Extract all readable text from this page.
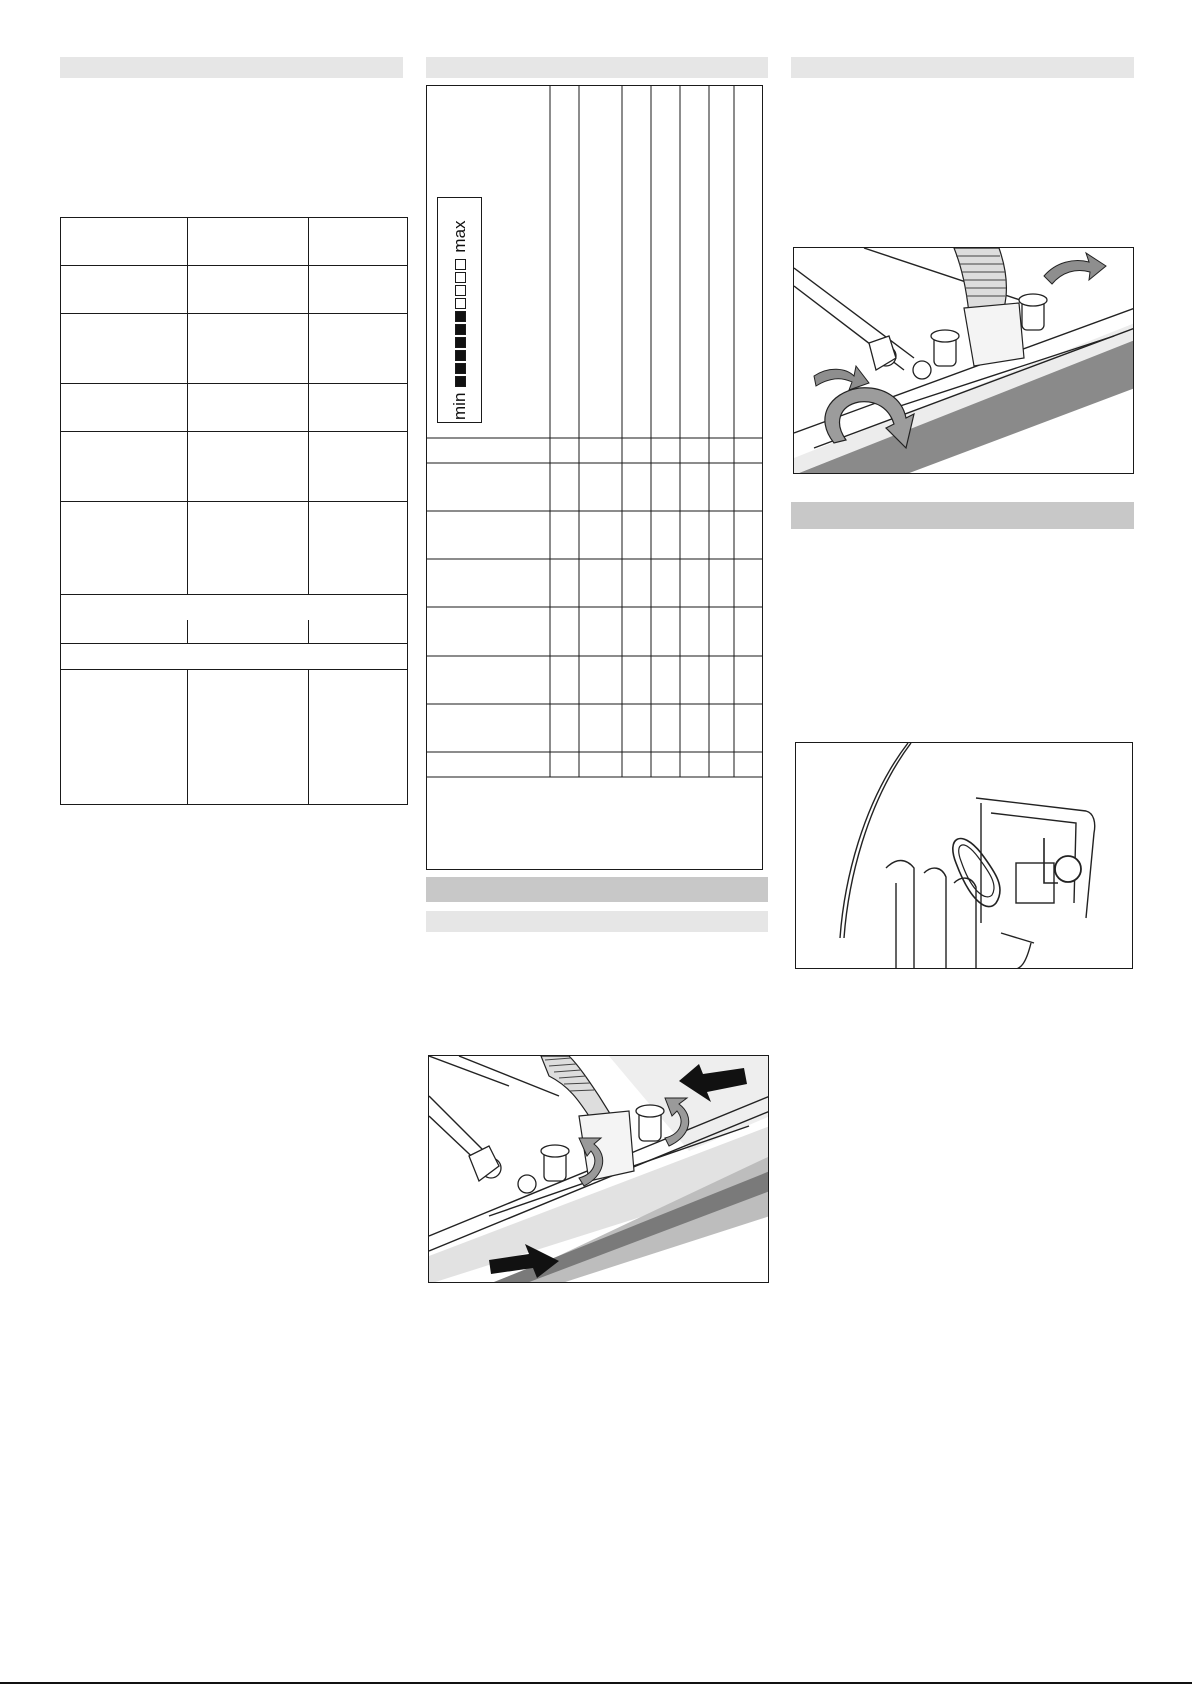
min
max
